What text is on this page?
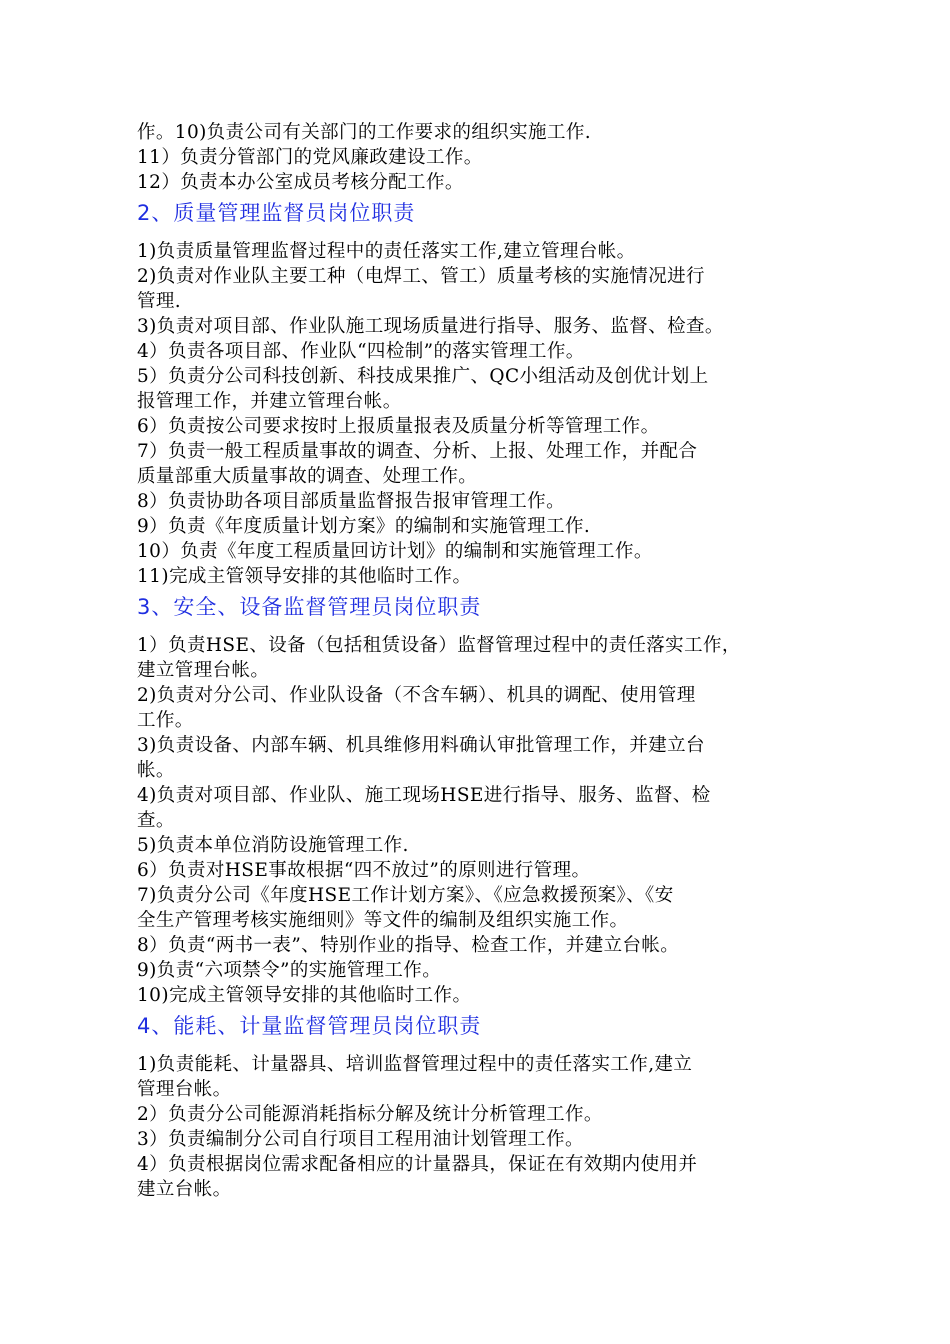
作。10)负责公司有关部门的工作要求的组织实施工作.
11）负责分管部门的党风廉政建设工作。
12）负责本办公室成员考核分配工作。
2、质量管理监督员岗位职责
1)负责质量管理监督过程中的责任落实工作,建立管理台帐。
2)负责对作业队主要工种（电焊工、管工）质量考核的实施情况进行
管理.
3)负责对项目部、作业队施工现场质量进行指导、服务、监督、检查。
4）负责各项目部、作业队“四检制”的落实管理工作。
5）负责分公司科技创新、科技成果推广、QC小组活动及创优计划上
报管理工作，并建立管理台帐。
6）负责按公司要求按时上报质量报表及质量分析等管理工作。
7）负责一般工程质量事故的调查、分析、上报、处理工作，并配合
质量部重大质量事故的调查、处理工作。
8）负责协助各项目部质量监督报告报审管理工作。
9）负责《年度质量计划方案》的编制和实施管理工作.
10）负责《年度工程质量回访计划》的编制和实施管理工作。
11)完成主管领导安排的其他临时工作。
3、安全、设备监督管理员岗位职责
1）负责HSE、设备（包括租赁设备）监督管理过程中的责任落实工作，
建立管理台帐。
2)负责对分公司、作业队设备（不含车辆）、机具的调配、使用管理
工作。
3)负责设备、内部车辆、机具维修用料确认审批管理工作，并建立台
帐。
4)负责对项目部、作业队、施工现场HSE进行指导、服务、监督、检
查。
5)负责本单位消防设施管理工作.
6）负责对HSE事故根据“四不放过”的原则进行管理。
7)负责分公司《年度HSE工作计划方案》、《应急救援预案》、《安
全生产管理考核实施细则》等文件的编制及组织实施工作。
8）负责“两书一表”、特别作业的指导、检查工作，并建立台帐。
9)负责“六项禁令”的实施管理工作。
10)完成主管领导安排的其他临时工作。
4、能耗、计量监督管理员岗位职责
1)负责能耗、计量器具、培训监督管理过程中的责任落实工作,建立
管理台帐。
2）负责分公司能源消耗指标分解及统计分析管理工作。
3）负责编制分公司自行项目工程用油计划管理工作。
4）负责根据岗位需求配备相应的计量器具，保证在有效期内使用并
建立台帐。
